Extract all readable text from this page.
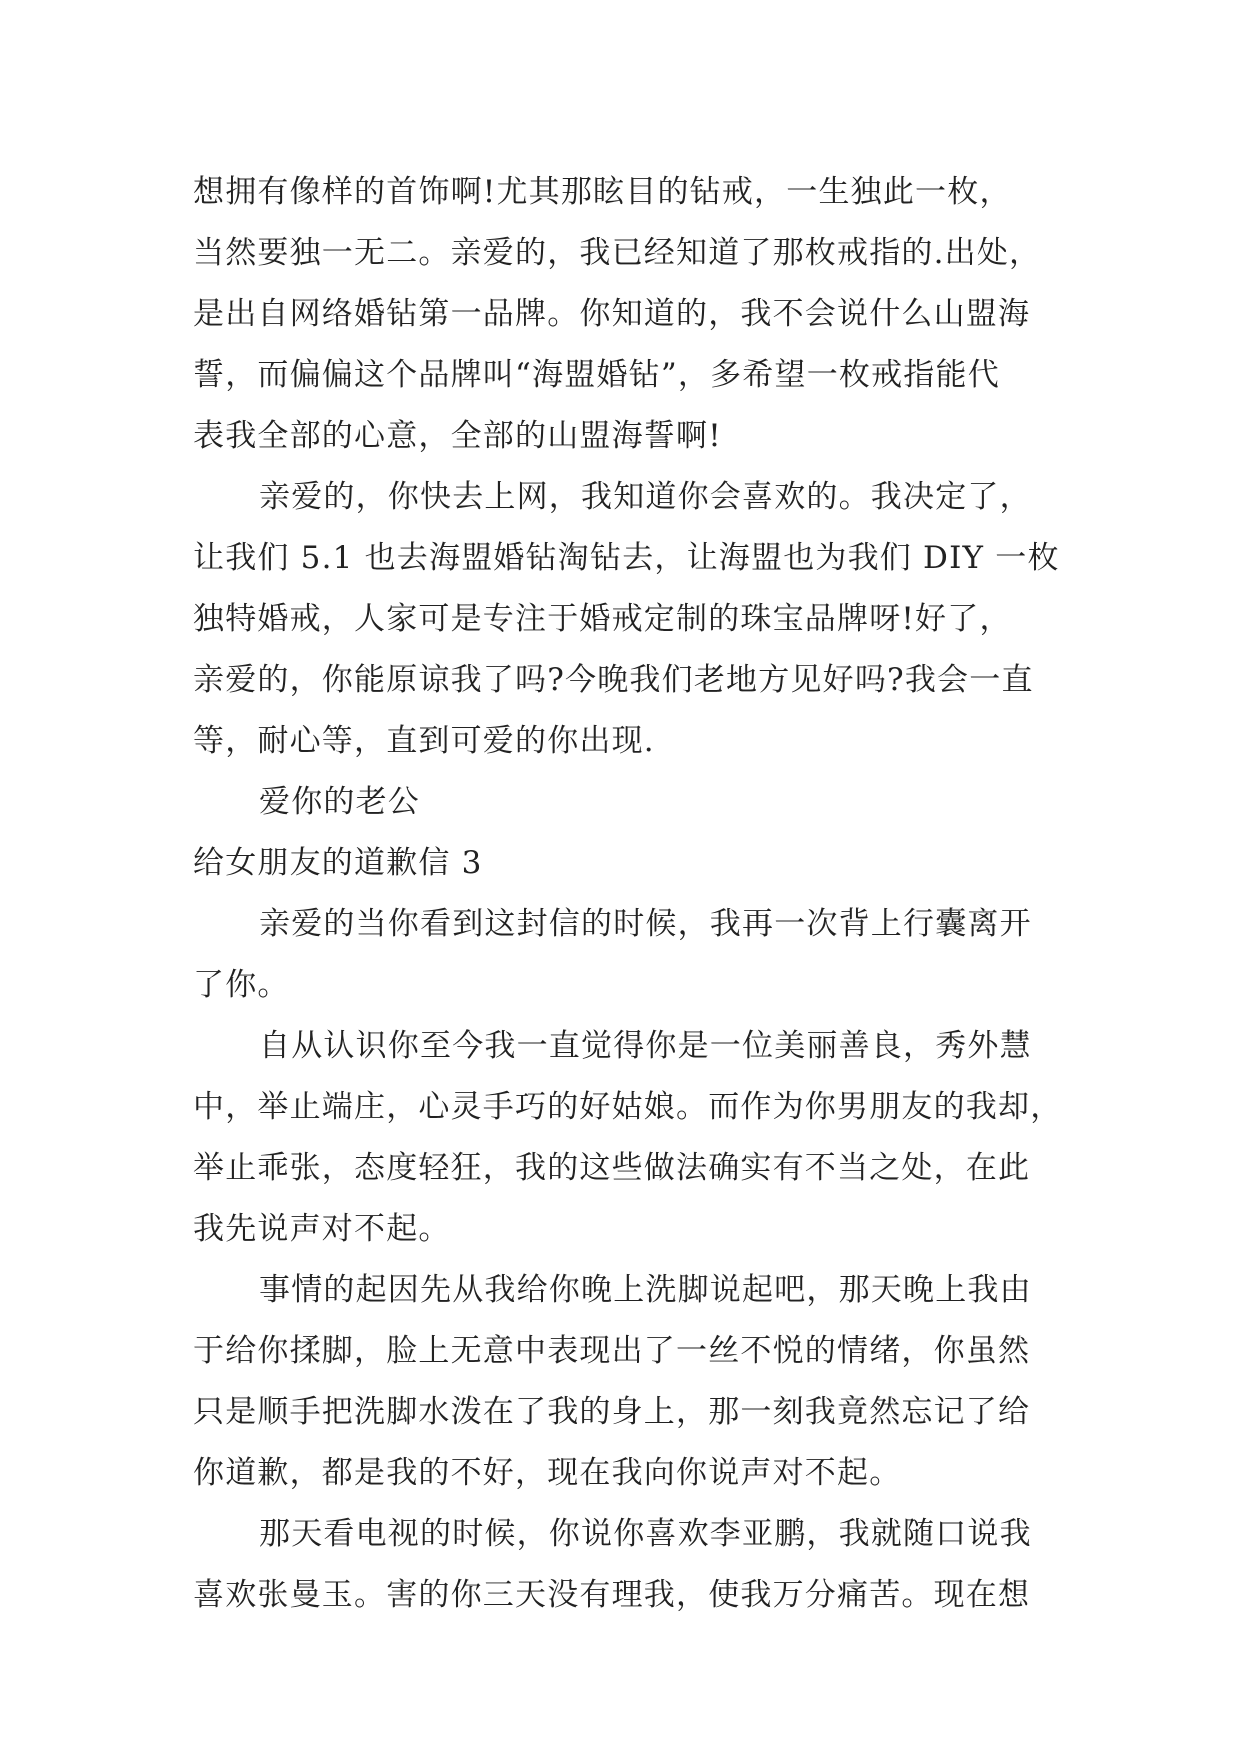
想拥有像样的首饰啊!尤其那眩目的钻戒，一生独此一枚，
当然要独一无二。亲爱的，我已经知道了那枚戒指的.出处，
是出自网络婚钻第一品牌。你知道的，我不会说什么山盟海
誓，而偏偏这个品牌叫“海盟婚钻”，多希望一枚戒指能代
表我全部的心意，全部的山盟海誓啊!
亲爱的，你快去上网，我知道你会喜欢的。我决定了，
让我们 5.1 也去海盟婚钻淘钻去，让海盟也为我们 DIY 一枚
独特婚戒，人家可是专注于婚戒定制的珠宝品牌呀!好了，
亲爱的，你能原谅我了吗?今晚我们老地方见好吗?我会一直
等，耐心等，直到可爱的你出现.
爱你的老公
给女朋友的道歉信 3
亲爱的当你看到这封信的时候，我再一次背上行囊离开
了你。
自从认识你至今我一直觉得你是一位美丽善良，秀外慧
中，举止端庄，心灵手巧的好姑娘。而作为你男朋友的我却，
举止乖张，态度轻狂，我的这些做法确实有不当之处，在此
我先说声对不起。
事情的起因先从我给你晚上洗脚说起吧，那天晚上我由
于给你揉脚，脸上无意中表现出了一丝不悦的情绪，你虽然
只是顺手把洗脚水泼在了我的身上，那一刻我竟然忘记了给
你道歉，都是我的不好，现在我向你说声对不起。
那天看电视的时候，你说你喜欢李亚鹏，我就随口说我
喜欢张曼玉。害的你三天没有理我，使我万分痛苦。现在想
